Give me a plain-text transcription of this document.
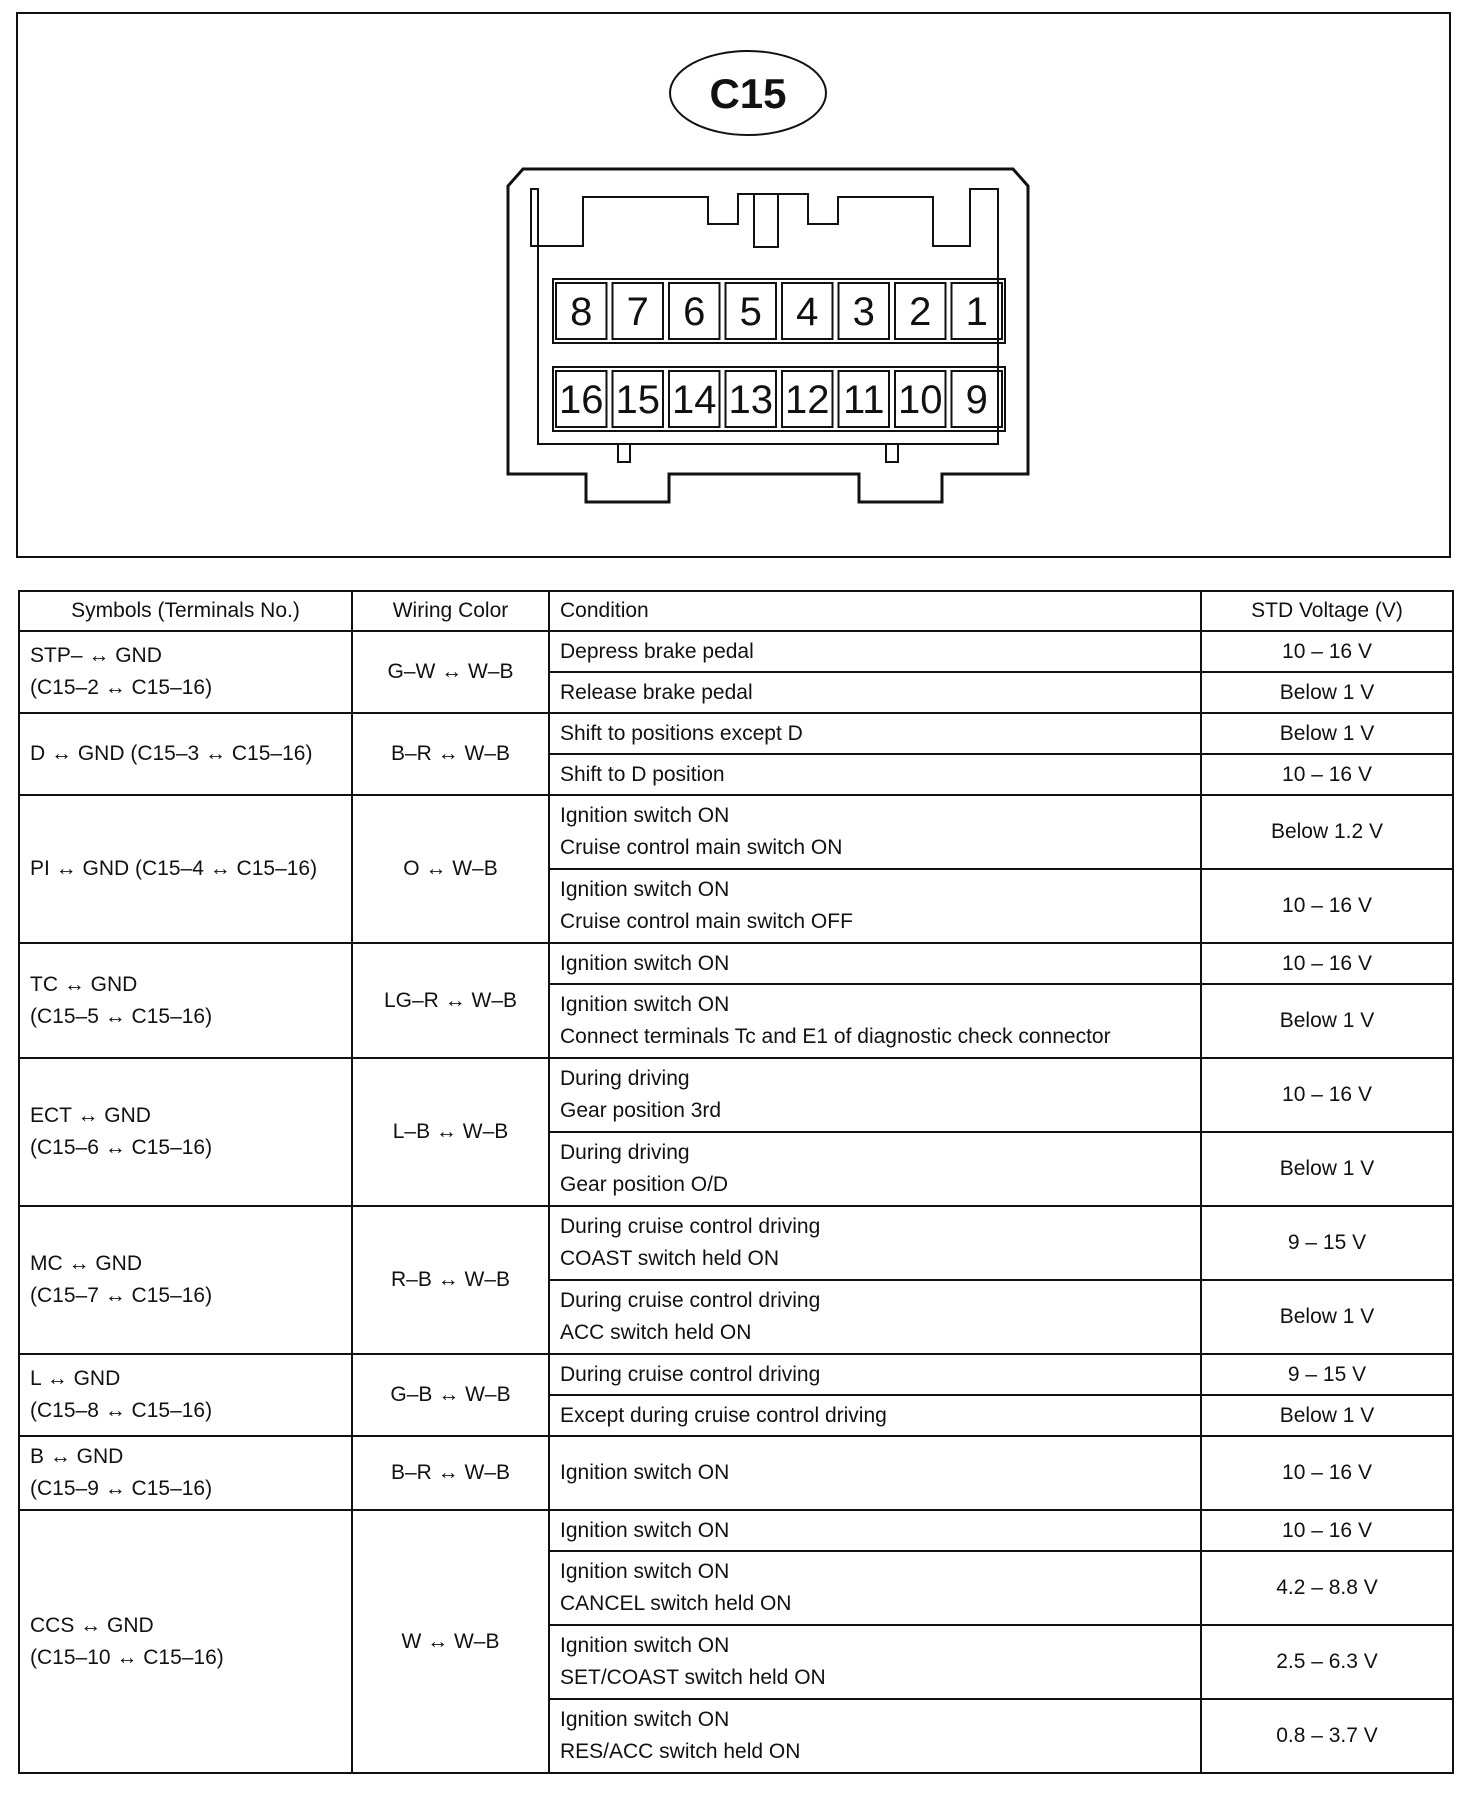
C15
8 7 6 5 4 3 2 1
16 15 14 13 12 11 10 9
Symbols (Terminals No.)	Wiring Color	Condition	STD Voltage (V)

STP– ↔ GND
(C15–2 ↔ C15–16)	G–W ↔ W–B	Depress brake pedal	10 – 16 V

		Release brake pedal	Below 1 V

D ↔ GND (C15–3 ↔ C15–16)	B–R ↔ W–B	Shift to positions except D	Below 1 V

		Shift to D position	10 – 16 V

PI ↔ GND (C15–4 ↔ C15–16)	O ↔ W–B	Ignition switch ON
Cruise control main switch ON	Below 1.2 V

		Ignition switch ON
Cruise control main switch OFF	10 – 16 V

TC ↔ GND
(C15–5 ↔ C15–16)	LG–R ↔ W–B	Ignition switch ON	10 – 16 V

		Ignition switch ON
Connect terminals Tc and E1 of diagnostic check connector	Below 1 V

ECT ↔ GND
(C15–6 ↔ C15–16)	L–B ↔ W–B	During driving
Gear position 3rd	10 – 16 V

		During driving
Gear position O/D	Below 1 V

MC ↔ GND
(C15–7 ↔ C15–16)	R–B ↔ W–B	During cruise control driving
COAST switch held ON	9 – 15 V

		During cruise control driving
ACC switch held ON	Below 1 V

L ↔ GND
(C15–8 ↔ C15–16)	G–B ↔ W–B	During cruise control driving	9 – 15 V

		Except during cruise control driving	Below 1 V

B ↔ GND
(C15–9 ↔ C15–16)	B–R ↔ W–B	Ignition switch ON	10 – 16 V

CCS ↔ GND
(C15–10 ↔ C15–16)	W ↔ W–B	Ignition switch ON	10 – 16 V

		Ignition switch ON
CANCEL switch held ON	4.2 – 8.8 V

		Ignition switch ON
SET/COAST switch held ON	2.5 – 6.3 V

		Ignition switch ON
RES/ACC switch held ON	0.8 – 3.7 V
